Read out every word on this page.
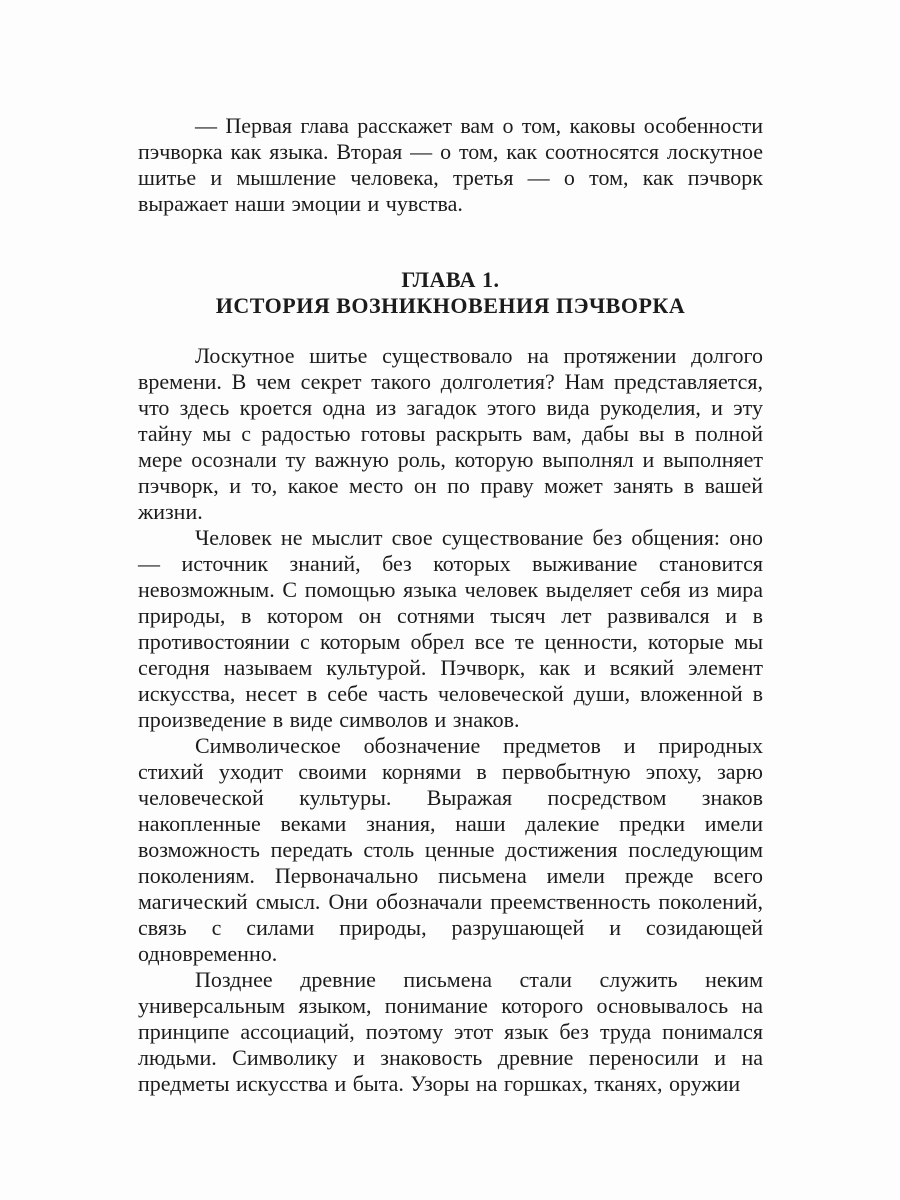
— Первая глава расскажет вам о том, каковы особенности пэчворка как языка. Вторая — о том, как соотносятся лоскутное шитье и мышление человека, третья — о том, как пэчворк выражает наши эмоции и чувства.

ГЛАВА 1.
ИСТОРИЯ ВОЗНИКНОВЕНИЯ ПЭЧВОРКА

Лоскутное шитье существовало на протяжении долгого времени. В чем секрет такого долголетия? Нам представляется, что здесь кроется одна из загадок этого вида рукоделия, и эту тайну мы с радостью готовы раскрыть вам, дабы вы в полной мере осознали ту важную роль, которую выполнял и выполняет пэчворк, и то, какое место он по праву может занять в вашей жизни.

Человек не мыслит свое существование без общения: оно — источник знаний, без которых выживание становится невозможным. С помощью языка человек выделяет себя из мира природы, в котором он сотнями тысяч лет развивался и в противостоянии с которым обрел все те ценности, которые мы сегодня называем культурой. Пэчворк, как и всякий элемент искусства, несет в себе часть человеческой души, вложенной в произведение в виде символов и знаков.

Символическое обозначение предметов и природных стихий уходит своими корнями в первобытную эпоху, зарю человеческой культуры. Выражая посредством знаков накопленные веками знания, наши далекие предки имели возможность передать столь ценные достижения последующим поколениям. Первоначально письмена имели прежде всего магический смысл. Они обозначали преемственность поколений, связь с силами природы, разрушающей и созидающей одновременно.

Позднее древние письмена стали служить неким универсальным языком, понимание которого основывалось на принципе ассоциаций, поэтому этот язык без труда понимался людьми. Символику и знаковость древние переносили и на предметы искусства и быта. Узоры на горшках, тканях, оружии
